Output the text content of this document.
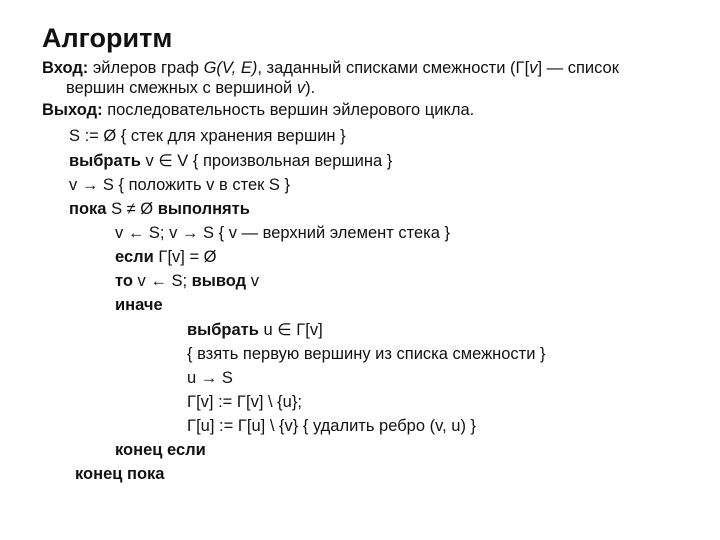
Алгоритм
Вход: эйлеров граф G(V, E), заданный списками смежности (Γ[v] — список
вершин смежных с вершиной v).
Выход: последовательность вершин эйлерового цикла.
S := Ø { стек для хранения вершин }
выбрать v ∈ V { произвольная вершина }
v → S { положить v в стек S }
пока S ≠ Ø выполнять
v ← S; v → S { v — верхний элемент стека }
если Γ[v] = Ø
то v ← S; вывод v
иначе
выбрать u ∈ Γ[v]
{ взять первую вершину из списка смежности }
u → S
Γ[v] := Γ[v] \ {u};
Γ[u] := Γ[u] \ {v} { удалить ребро (v, u) }
конец если
конец пока
